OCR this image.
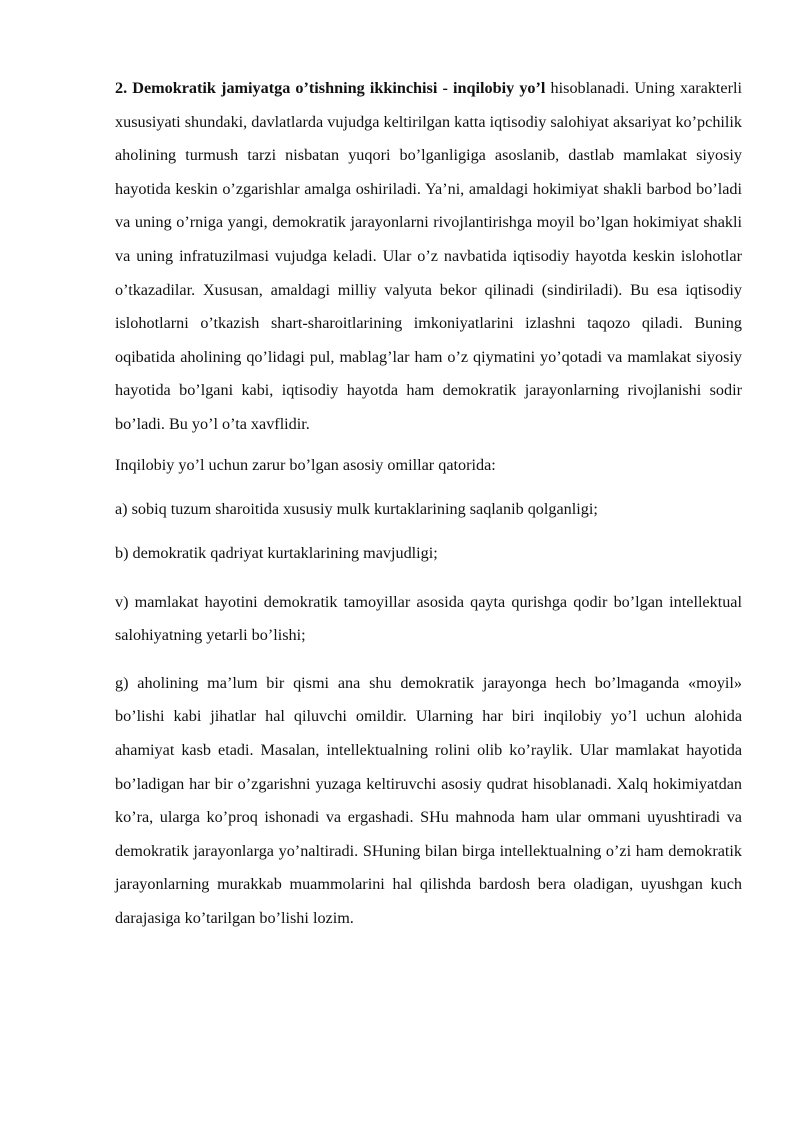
2. Demokratik jamiyatga o’tishning ikkinchisi - inqilobiy yo’l hisoblanadi. Uning xarakterli xususiyati shundaki, davlatlarda vujudga keltirilgan katta iqtisodiy salohiyat aksariyat ko’pchilik aholining turmush tarzi nisbatan yuqori bo’lganligiga asoslanib, dastlab mamlakat siyosiy hayotida keskin o’zgarishlar amalga oshiriladi. Ya’ni, amaldagi hokimiyat shakli barbod bo’ladi va uning o’rniga yangi, demokratik jarayonlarni rivojlantirishga moyil bo’lgan hokimiyat shakli va uning infratuzilmasi vujudga keladi. Ular o’z navbatida iqtisodiy hayotda keskin islohotlar o’tkazadilar. Xususan, amaldagi milliy valyuta bekor qilinadi (sindiriladi). Bu esa iqtisodiy islohotlarni o’tkazish shart-sharoitlarining imkoniyatlarini izlashni taqozo qiladi. Buning oqibatida aholining qo’lidagi pul, mablag’lar ham o’z qiymatini yo’qotadi va mamlakat siyosiy hayotida bo’lgani kabi, iqtisodiy hayotda ham demokratik jarayonlarning rivojlanishi sodir bo’ladi. Bu yo’l o’ta xavflidir.

Inqilobiy yo’l uchun zarur bo’lgan asosiy omillar qatorida:

a) sobiq tuzum sharoitida xususiy mulk kurtaklarining saqlanib qolganligi;

b) demokratik qadriyat kurtaklarining mavjudligi;

v) mamlakat hayotini demokratik tamoyillar asosida qayta qurishga qodir bo’lgan intellektual salohiyatning yetarli bo’lishi;

g) aholining ma’lum bir qismi ana shu demokratik jarayonga hech bo’lmaganda «moyil» bo’lishi kabi jihatlar hal qiluvchi omildir. Ularning har biri inqilobiy yo’l uchun alohida ahamiyat kasb etadi. Masalan, intellektualning rolini olib ko’raylik. Ular mamlakat hayotida bo’ladigan har bir o’zgarishni yuzaga keltiruvchi asosiy qudrat hisoblanadi. Xalq hokimiyatdan ko’ra, ularga ko’proq ishonadi va ergashadi. SHu mahnoda ham ular ommani uyushtiradi va demokratik jarayonlarga yo’naltiradi. SHuning bilan birga intellektualning o’zi ham demokratik jarayonlarning murakkab muammolarini hal qilishda bardosh bera oladigan, uyushgan kuch darajasiga ko’tarilgan bo’lishi lozim.
